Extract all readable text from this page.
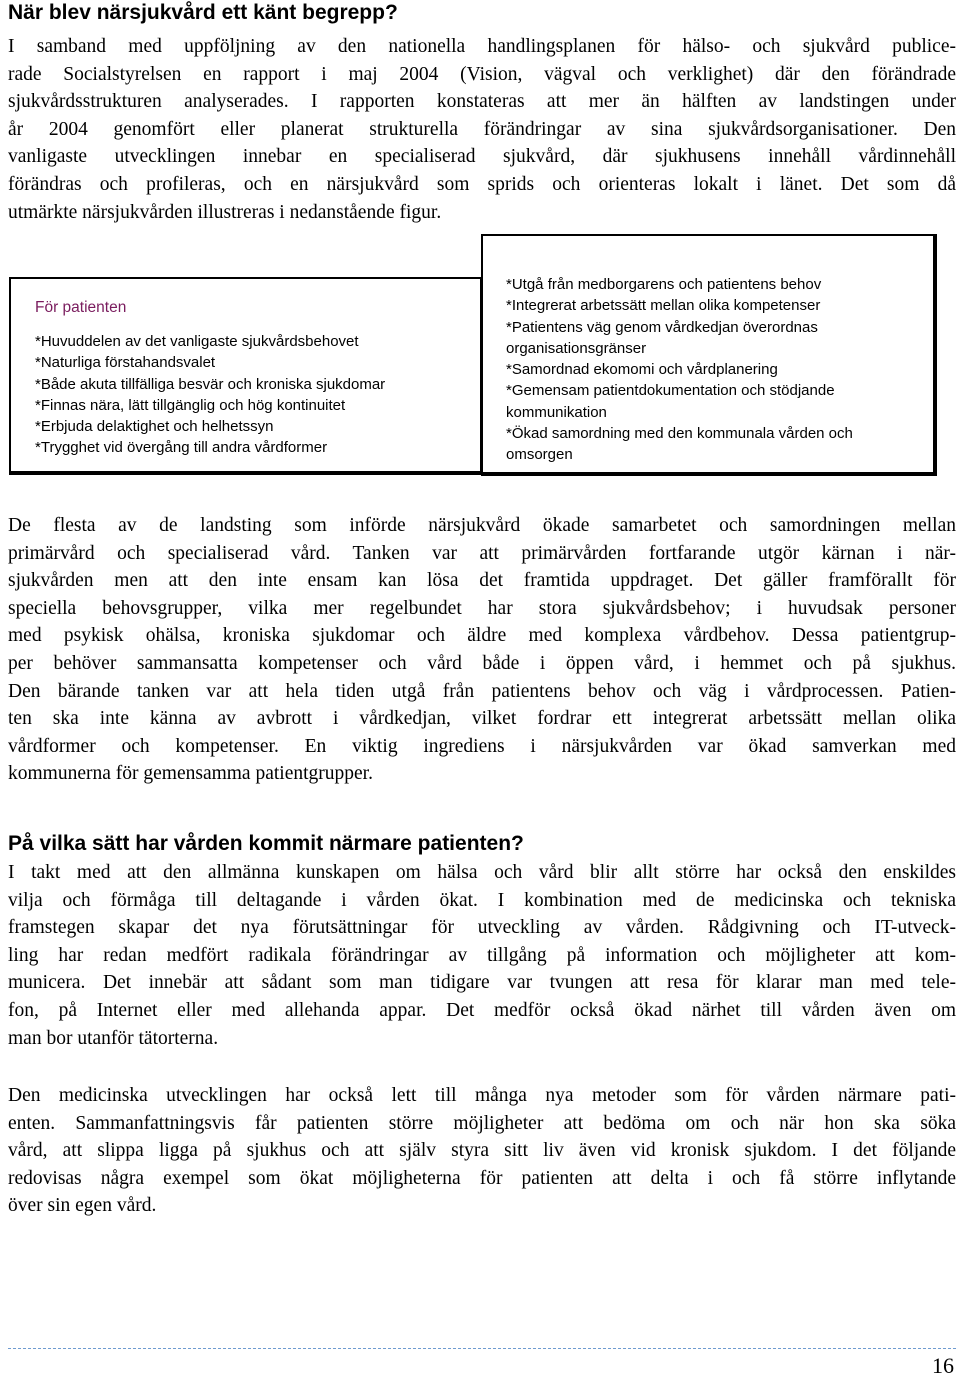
När blev närsjukvård ett känt begrepp?
I samband med uppföljning av den nationella handlingsplanen för hälso- och sjukvård publice-
rade Socialstyrelsen en rapport i maj 2004 (Vision, vägval och verklighet) där den förändrade
sjukvårdsstrukturen analyserades. I rapporten konstateras att mer än hälften av landstingen under
år 2004 genomfört eller planerat strukturella förändringar av sina sjukvårdsorganisationer. Den
vanligaste utvecklingen innebar en specialiserad sjukvård, där sjukhusens innehåll vårdinnehåll
förändras och profileras, och en närsjukvård som sprids och orienteras lokalt i länet. Det som då
utmärkte närsjukvården illustreras i nedanstående figur.
För patienten
*Huvuddelen av det vanligaste sjukvårdsbehovet
*Naturliga förstahandsvalet
*Både akuta tillfälliga besvär och kroniska sjukdomar
*Finnas nära, lätt tillgänglig och hög kontinuitet
*Erbjuda delaktighet och helhetssyn
*Trygghet vid övergång till andra vårdformer
*Utgå från medborgarens och patientens behov
*Integrerat arbetssätt mellan olika kompetenser
*Patientens väg genom vårdkedjan överordnas
organisationsgränser
*Samordnad ekomomi och vårdplanering
*Gemensam patientdokumentation och stödjande
kommunikation
*Ökad samordning med den kommunala vården och
omsorgen
De flesta av de landsting som införde närsjukvård ökade samarbetet och samordningen mellan
primärvård och specialiserad vård. Tanken var att primärvården fortfarande utgör kärnan i när-
sjukvården men att den inte ensam kan lösa det framtida uppdraget. Det gäller framförallt för
speciella behovsgrupper, vilka mer regelbundet har stora sjukvårdsbehov; i huvudsak personer
med psykisk ohälsa, kroniska sjukdomar och äldre med komplexa vårdbehov. Dessa patientgrup-
per behöver sammansatta kompetenser och vård både i öppen vård, i hemmet och på sjukhus.
Den bärande tanken var att hela tiden utgå från patientens behov och väg i vårdprocessen. Patien-
ten ska inte känna av avbrott i vårdkedjan, vilket fordrar ett integrerat arbetssätt mellan olika
vårdformer och kompetenser. En viktig ingrediens i närsjukvården var ökad samverkan med
kommunerna för gemensamma patientgrupper.
På vilka sätt har vården kommit närmare patienten?
I takt med att den allmänna kunskapen om hälsa och vård blir allt större har också den enskildes
vilja och förmåga till deltagande i vården ökat. I kombination med de medicinska och tekniska
framstegen skapar det nya förutsättningar för utveckling av vården. Rådgivning och IT-utveck-
ling har redan medfört radikala förändringar av tillgång på information och möjligheter att kom-
municera. Det innebär att sådant som man tidigare var tvungen att resa för klarar man med tele-
fon, på Internet eller med allehanda appar. Det medför också ökad närhet till vården även om
man bor utanför tätorterna.
Den medicinska utvecklingen har också lett till många nya metoder som för vården närmare pati-
enten. Sammanfattningsvis får patienten större möjligheter att bedöma om och när hon ska söka
vård, att slippa ligga på sjukhus och att själv styra sitt liv även vid kronisk sjukdom. I det följande
redovisas några exempel som ökat möjligheterna för patienten att delta i och få större inflytande
över sin egen vård.
16
